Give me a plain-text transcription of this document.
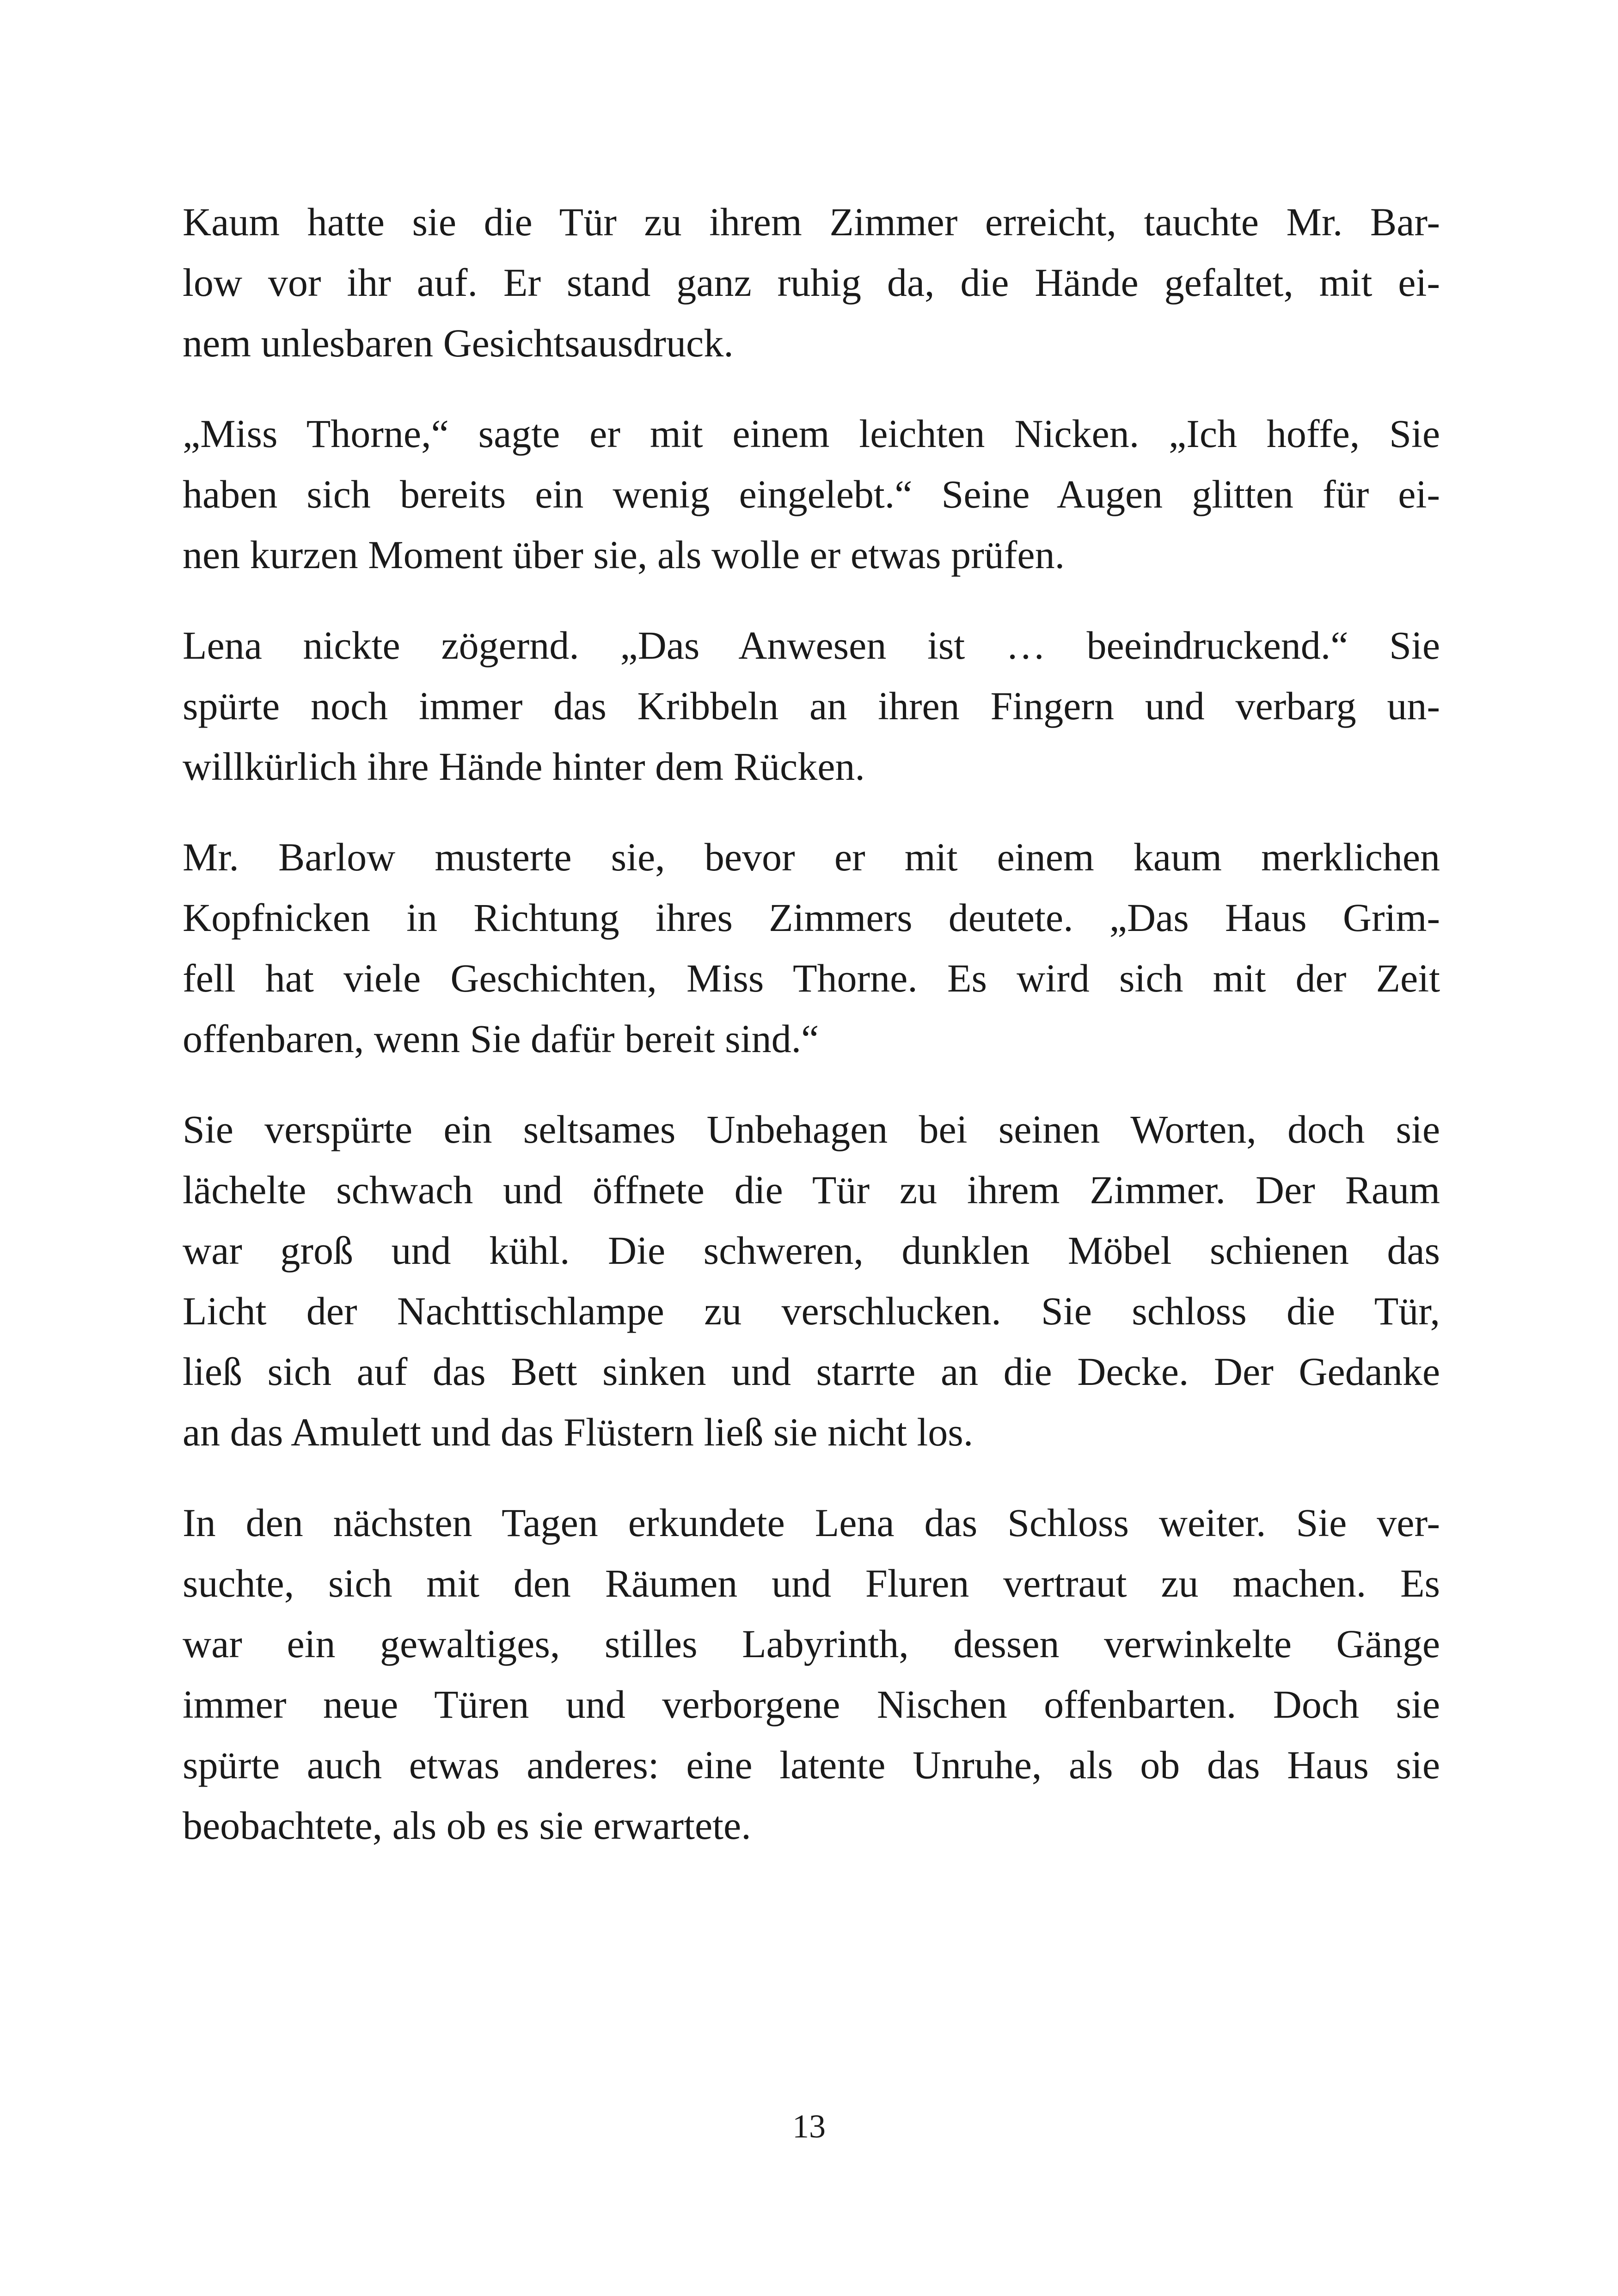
Kaum hatte sie die Tür zu ihrem Zimmer erreicht, tauchte Mr. Bar-
low vor ihr auf. Er stand ganz ruhig da, die Hände gefaltet, mit ei-
nem unlesbaren Gesichtsausdruck.

„Miss Thorne,“ sagte er mit einem leichten Nicken. „Ich hoffe, Sie
haben sich bereits ein wenig eingelebt.“ Seine Augen glitten für ei-
nen kurzen Moment über sie, als wolle er etwas prüfen.

Lena nickte zögernd. „Das Anwesen ist … beeindruckend.“ Sie
spürte noch immer das Kribbeln an ihren Fingern und verbarg un-
willkürlich ihre Hände hinter dem Rücken.

Mr. Barlow musterte sie, bevor er mit einem kaum merklichen
Kopfnicken in Richtung ihres Zimmers deutete. „Das Haus Grim-
fell hat viele Geschichten, Miss Thorne. Es wird sich mit der Zeit
offenbaren, wenn Sie dafür bereit sind.“

Sie verspürte ein seltsames Unbehagen bei seinen Worten, doch sie
lächelte schwach und öffnete die Tür zu ihrem Zimmer. Der Raum
war groß und kühl. Die schweren, dunklen Möbel schienen das
Licht der Nachttischlampe zu verschlucken. Sie schloss die Tür,
ließ sich auf das Bett sinken und starrte an die Decke. Der Gedanke
an das Amulett und das Flüstern ließ sie nicht los.

In den nächsten Tagen erkundete Lena das Schloss weiter. Sie ver-
suchte, sich mit den Räumen und Fluren vertraut zu machen. Es
war ein gewaltiges, stilles Labyrinth, dessen verwinkelte Gänge
immer neue Türen und verborgene Nischen offenbarten. Doch sie
spürte auch etwas anderes: eine latente Unruhe, als ob das Haus sie
beobachtete, als ob es sie erwartete.

13
